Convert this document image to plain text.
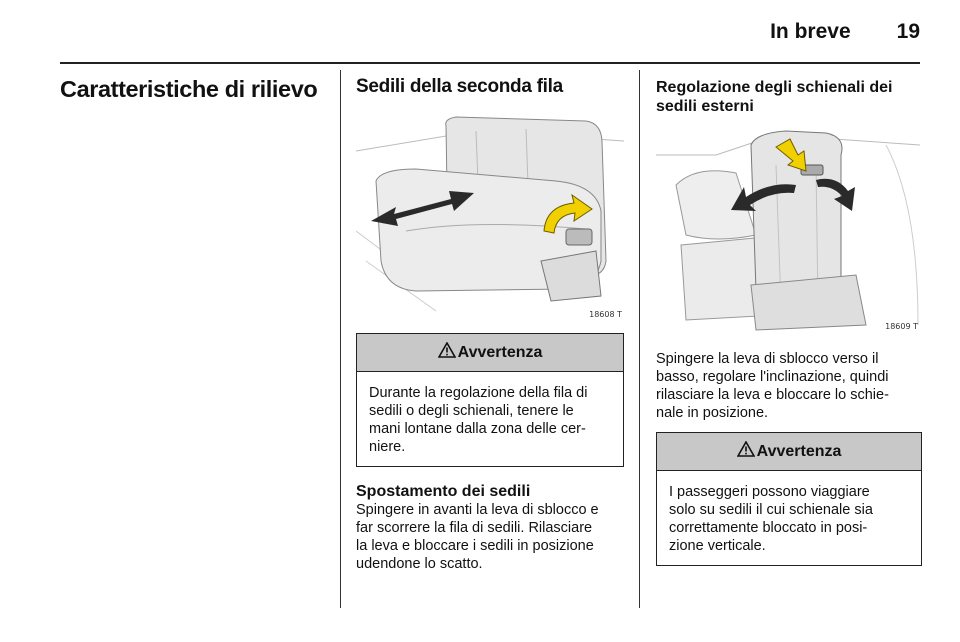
In breve 19
Caratteristiche di rilievo	Sedili della seconda fila
18608 T
Avvertenza
Durante la regolazione della fila di
sedili o degli schienali, tenere le
mani lontane dalla zona delle cer-
niere.
Spostamento dei sedili

Spingere in avanti la leva di sblocco e
far scorrere la fila di sedili. Rilasciare
la leva e bloccare i sedili in posizione
udendone lo scatto.

Regolazione degli schienali dei
sedili esterni
18609 T

Spingere la leva di sblocco verso il
basso, regolare l'inclinazione, quindi
rilasciare la leva e bloccare lo schie-
nale in posizione.

Avvertenza
I passeggeri possono viaggiare
solo su sedili il cui schienale sia
correttamente bloccato in posi-
zione verticale.
